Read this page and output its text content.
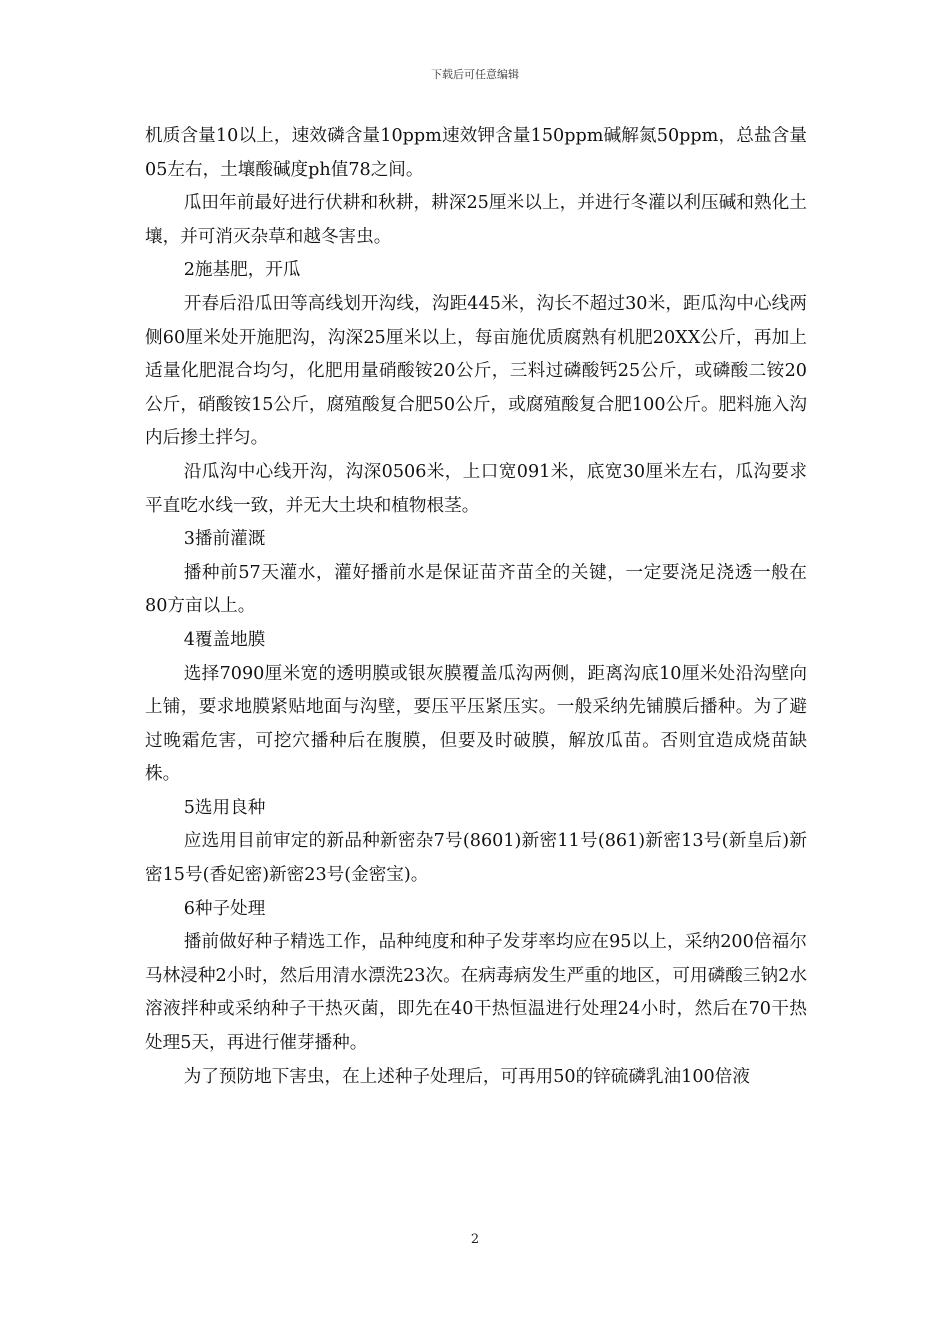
下载后可任意编辑

机质含量10以上，速效磷含量10ppm速效钾含量150ppm碱解氮50ppm，总盐含量05左右，土壤酸碱度ph值78之间。

瓜田年前最好进行伏耕和秋耕，耕深25厘米以上，并进行冬灌以利压碱和熟化土壤，并可消灭杂草和越冬害虫。

2施基肥，开瓜

开春后沿瓜田等高线划开沟线，沟距445米，沟长不超过30米，距瓜沟中心线两侧60厘米处开施肥沟，沟深25厘米以上，每亩施优质腐熟有机肥20XX公斤，再加上适量化肥混合均匀，化肥用量硝酸铵20公斤，三料过磷酸钙25公斤，或磷酸二铵20公斤，硝酸铵15公斤，腐殖酸复合肥50公斤，或腐殖酸复合肥100公斤。肥料施入沟内后掺土拌匀。

沿瓜沟中心线开沟，沟深0506米，上口宽091米，底宽30厘米左右，瓜沟要求平直吃水线一致，并无大土块和植物根茎。

3播前灌溉

播种前57天灌水，灌好播前水是保证苗齐苗全的关键，一定要浇足浇透一般在80方亩以上。

4覆盖地膜

选择7090厘米宽的透明膜或银灰膜覆盖瓜沟两侧，距离沟底10厘米处沿沟壁向上铺，要求地膜紧贴地面与沟壁，要压平压紧压实。一般采纳先铺膜后播种。为了避过晚霜危害，可挖穴播种后在腹膜，但要及时破膜，解放瓜苗。否则宜造成烧苗缺株。

5选用良种

应选用目前审定的新品种新密杂7号(8601)新密11号(861)新密13号(新皇后)新密15号(香妃密)新密23号(金密宝)。

6种子处理

播前做好种子精选工作，品种纯度和种子发芽率均应在95以上，采纳200倍福尔马林浸种2小时，然后用清水漂洗23次。在病毒病发生严重的地区，可用磷酸三钠2水溶液拌种或采纳种子干热灭菌，即先在40干热恒温进行处理24小时，然后在70干热处理5天，再进行催芽播种。

为了预防地下害虫，在上述种子处理后，可再用50的锌硫磷乳油100倍液

2
